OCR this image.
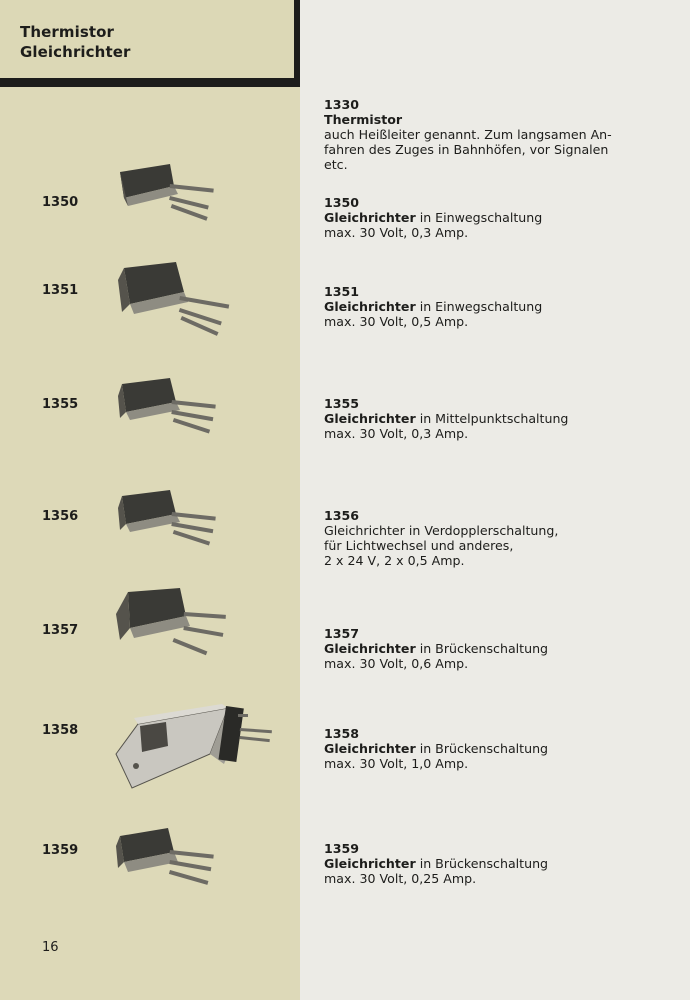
Thermistor
Gleichrichter
1350
1351
1355
1356
1357
1358
1359
1330
Thermistor
auch Heißleiter genannt. Zum langsamen An-
fahren des Zuges in Bahnhöfen, vor Signalen
etc.
1350
Gleichrichter in Einwegschaltung
max. 30 Volt, 0,3 Amp.
1351
Gleichrichter in Einwegschaltung
max. 30 Volt, 0,5 Amp.
1355
Gleichrichter in Mittelpunktschaltung
max. 30 Volt, 0,3 Amp.
1356
Gleichrichter in Verdopplerschaltung,
für Lichtwechsel und anderes,
2 x 24 V, 2 x 0,5 Amp.
1357
Gleichrichter in Brückenschaltung
max. 30 Volt, 0,6 Amp.
1358
Gleichrichter in Brückenschaltung
max. 30 Volt, 1,0 Amp.
1359
Gleichrichter in Brückenschaltung
max. 30 Volt, 0,25 Amp.
16
